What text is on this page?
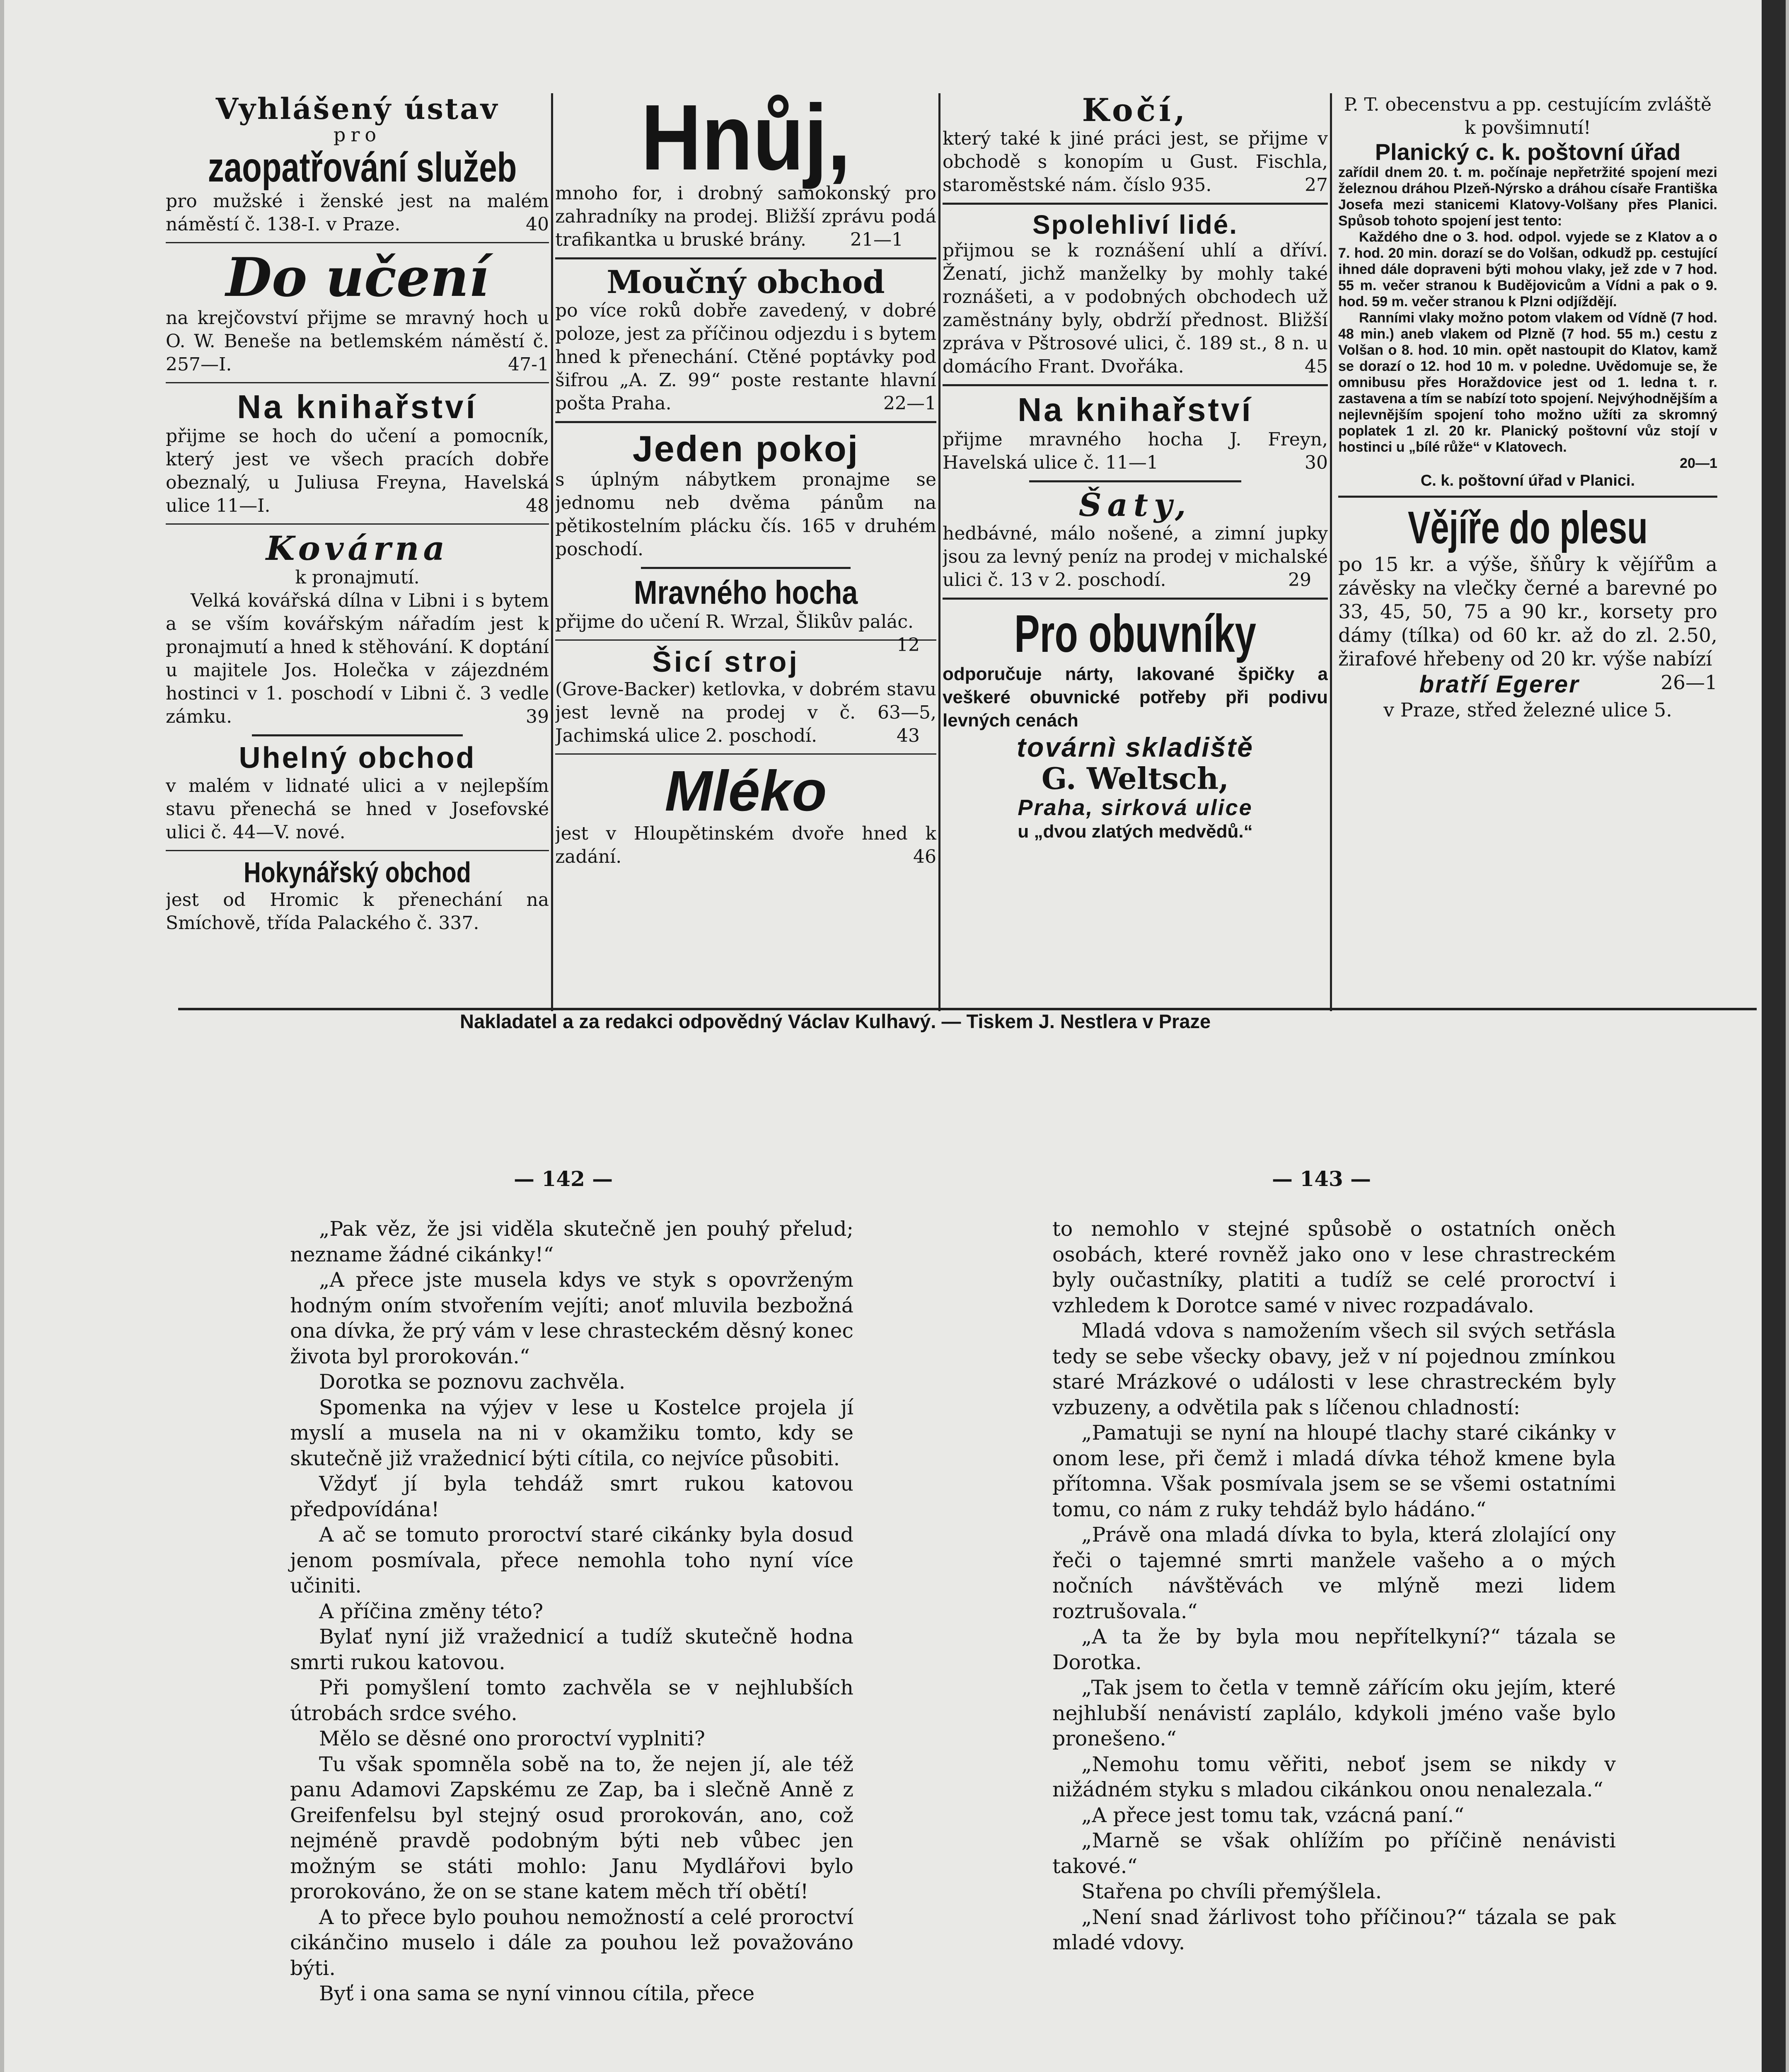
Vyhlášený ústav
pro
zaopatřování služeb

pro mužské i ženské jest na malém náměstí č. 138-I. v Praze.	40

Do učení

na krejčovství přijme se mravný hoch u O. W. Beneše na betlemském náměstí č. 257—I.	47-1

Na knihařství

přijme se hoch do učení a pomocník, který jest ve všech pracích dobře obeznalý, u Juliusa Freyna, Havelská ulice 11—I.	48

Kovárna

k pronajmutí.

Velká kovářská dílna v Libni i s bytem a se vším kovářským nářadím jest k pronajmutí a hned k stěhování. K doptání u majitele Jos. Holečka v zájezdném hostinci v 1. poschodí v Libni č. 3 vedle zámku.	39

Uhelný obchod

v malém v lidnaté ulici a v nejlepším stavu přenechá se hned v Josefovské ulici č. 44—V. nové.

Hokynářský obchod

jest od Hromic k přenechání na Smíchově, třída Palackého č. 337.

Hnůj,

mnoho for, i drobný samokonský pro zahradníky na prodej. Bližší zprávu podá trafikantka u bruské brány. 21—1

Moučný obchod

po více roků dobře zavedený, v dobré poloze, jest za příčinou odjezdu i s bytem hned k přenechání. Ctěné poptávky pod šifrou „A. Z. 99“ poste restante hlavní pošta Praha.	22—1

Jeden pokoj

s úplným nábytkem pronajme se jednomu neb dvěma pánům na pětikostelním plácku čís. 165 v druhém poschodí.

Mravného hocha

přijme do učení R. Wrzal, Šlikův palác.
12

Šicí stroj

(Grove-Backer) ketlovka, v dobrém stavu jest levně na prodej v č. 63—5, Jachimská ulice 2. poschodí.	43

Mléko

jest v Hloupětinském dvoře hned k zadání.	46

Kočí,

který také k jiné práci jest, se přijme v obchodě s konopím u Gust. Fischla, staroměstské nám. číslo 935.	27

Spolehliví lidé.

přijmou se k roznášení uhlí a dříví. Ženatí, jichž manželky by mohly také roznášeti, a v podobných obchodech už zaměstnány byly, obdrží přednost. Bližší zpráva v Pštrosové ulici, č. 189 st., 8 n. u domácího Frant. Dvořáka.	45

Na knihařství

přijme mravného hocha J. Freyn, Havelská ulice č. 11—1	30

Šaty,

hedbávné, málo nošené, a zimní jupky jsou za levný peníz na prodej v michalské ulici č. 13 v 2. poschodí.	29

Pro obuvníky

odporučuje nárty, lakované špičky a veškeré obuvnické potřeby při podivu levných cenách

továrnì skladiště

G. Weltsch,

Praha, sirková ulice

u „dvou zlatých medvědů.“

P. T. obecenstvu a pp. cestujícím zvláště k povšimnutí!

Planický c. k. poštovní úřad

zařídil dnem 20. t. m. počínaje nepřetržité spojení mezi železnou dráhou Plzeň-Nýrsko a dráhou císaře Františka Josefa mezi stanicemi Klatovy-Volšany přes Planici. Spůsob tohoto spojení jest tento:

Každého dne o 3. hod. odpol. vyjede se z Klatov a o 7. hod. 20 min. dorazí se do Volšan, odkudž pp. cestující ihned dále dopraveni býti mohou vlaky, jež zde v 7 hod. 55 m. večer stranou k Budějovicům a Vídni a pak o 9. hod. 59 m. večer stranou k Plzni odjíždějí.

Ranními vlaky možno potom vlakem od Vídně (7 hod. 48 min.) aneb vlakem od Plzně (7 hod. 55 m.) cestu z Volšan o 8. hod. 10 min. opět nastoupit do Klatov, kamž se dorazí o 12. hod 10 m. v poledne. Uvědomuje se, že omnibusu přes Horaždovice jest od 1. ledna t. r. zastavena a tím se nabízí toto spojení. Nejvýhodnějším a nejlevnějším spojení toho možno užíti za skromný poplatek 1 zl. 20 kr. Planický poštovní vůz stojí v hostinci u „bílé růže“ v Klatovech.

20—1

C. k. poštovní úřad v Planici.

Vějíře do plesu

po 15 kr. a výše, šňůry k vějířům a závěsky na vlečky černé a barevné po 33, 45, 50, 75 a 90 kr., korsety pro dámy (tílka) od 60 kr. až do zl. 2.50, žirafové hřebeny od 20 kr. výše nabízí
26—1

bratří Egerer

v Praze, střed železné ulice 5.

Nakladatel a za redakci odpovědný Václav Kulhavý. — Tiskem J. Nestlera v Praze
— 142 —	— 143 —

„Pak věz, že jsi viděla skutečně jen pouhý přelud; nezname žádné cikánky!“

„A přece jste musela kdys ve styk s opovrženým hodným oním stvořením vejíti; anoť mluvila bezbožná ona dívka, že prý vám v lese chrastecké́m děsný konec života byl prorokován.“

Dorotka se poznovu zachvěla.

Spomenka na výjev v lese u Kostelce projela jí myslí a musela na ni v okamžiku tomto, kdy se skutečně již vražednicí býti cítila, co nejvíce působiti.

Vždyť jí byla tehdáž smrt rukou katovou předpovídána!

A ač se tomuto proroctví staré cikánky byla dosud jenom posmívala, přece nemohla toho nyní více učiniti.

A příčina změny této?

Bylať nyní již vražednicí a tudíž skutečně hodna smrti rukou katovou.

Při pomyšlení tomto zachvěla se v nejhlubších útrobách srdce svého.

Mělo se děsné ono proroctví vyplniti?

Tu však spomněla sobě na to, že nejen jí, ale též panu Adamovi Zapskému ze Zap, ba i slečně Anně z Greifenfelsu byl stejný osud prorokován, ano, což nejméně pravdě podobným býti neb vůbec jen možným se státi mohlo: Janu Mydlářovi bylo prorokováno, že on se stane katem měch tří obětí!

A to přece bylo pouhou nemožností a celé proroctví cikánčino muselo i dále za pouhou lež považováno býti.

Byť i ona sama se nyní vinnou cítila, přece

to nemohlo v stejné spůsobě o ostatních oněch osobách, které rovněž jako ono v lese chrastreckém byly oučastníky, platiti a tudíž se celé proroctví i vzhledem k Dorotce samé v nivec rozpadávalo.

Mladá vdova s namožením všech sil svých setřásla tedy se sebe všecky obavy, jež v ní pojednou zmínkou staré Mrázkové o události v lese chrastreckém byly vzbuzeny, a odvětila pak s líčenou chladností:

„Pamatuji se nyní na hloupé tlachy staré cikánky v onom lese, při čemž i mladá dívka téhož kmene byla přítomna. Však posmívala jsem se se všemi ostatními tomu, co nám z ruky tehdáž bylo hádáno.“

„Právě ona mladá dívka to byla, která zlolající ony řeči o tajemné smrti manžele vašeho a o mých nočních návštěvách ve mlýně mezi lidem roztrušovala.“

„A ta že by byla mou nepřítelkyní?“ tázala se Dorotka.

„Tak jsem to četla v temně zářícím oku jejím, které nejhlubší nenávistí zaplálo, kdykoli jméno vaše bylo pronešeno.“

„Nemohu tomu věřiti, neboť jsem se nikdy v nižádném styku s mladou cikánkou onou nenalezala.“

„A přece jest tomu tak, vzácná paní.“

„Marně se však ohlížím po příčině nenávisti takové.“

Stařena po chvíli přemýšlela.

„Není snad žárlivost toho příčinou?“ tázala se pak mladé vdovy.
